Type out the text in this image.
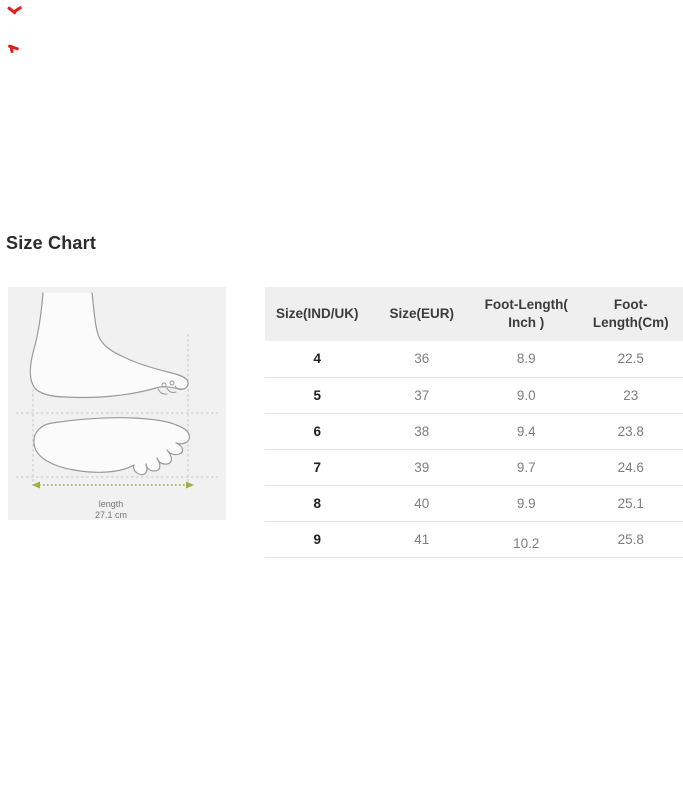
Size Chart
length
27.1 cm
Size(IND/UK)	Size(EUR)	Foot-Length( Inch )	Foot-Length(Cm)
4	36	8.9	22.5
5	37	9.0	23
6	38	9.4	23.8
7	39	9.7	24.6
8	40	9.9	25.1
9	41	10.2	25.8
